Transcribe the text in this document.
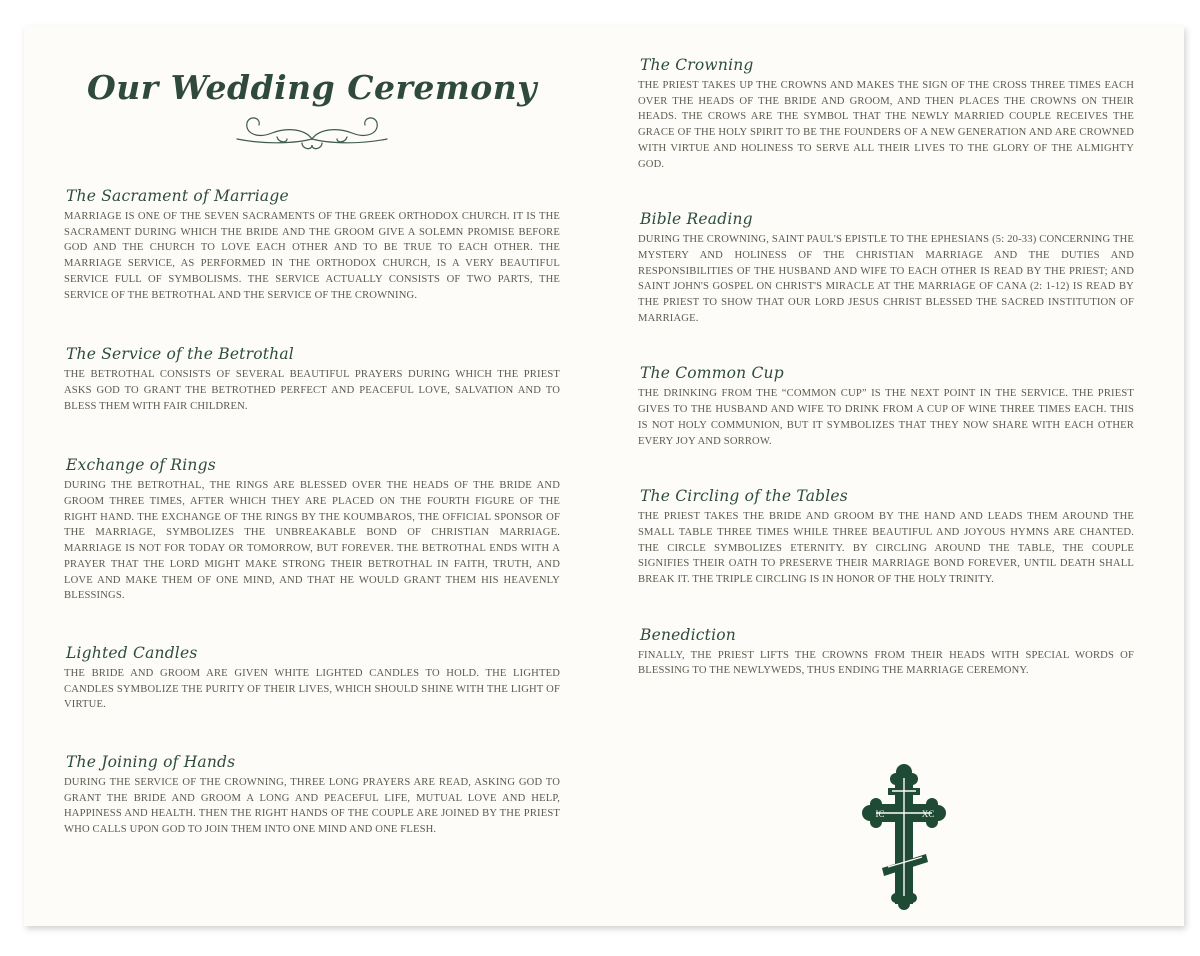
Our Wedding Ceremony
The Sacrament of Marriage

MARRIAGE IS ONE OF THE SEVEN SACRAMENTS OF THE GREEK ORTHODOX CHURCH. IT IS THE SACRAMENT DURING WHICH THE BRIDE AND THE GROOM GIVE A SOLEMN PROMISE BEFORE GOD AND THE CHURCH TO LOVE EACH OTHER AND TO BE TRUE TO EACH OTHER. THE MARRIAGE SERVICE, AS PERFORMED IN THE ORTHODOX CHURCH, IS A VERY BEAUTIFUL SERVICE FULL OF SYMBOLISMS. THE SERVICE ACTUALLY CONSISTS OF TWO PARTS, THE SERVICE OF THE BETROTHAL AND THE SERVICE OF THE CROWNING.

The Service of the Betrothal

THE BETROTHAL CONSISTS OF SEVERAL BEAUTIFUL PRAYERS DURING WHICH THE PRIEST ASKS GOD TO GRANT THE BETROTHED PERFECT AND PEACEFUL LOVE, SALVATION AND TO BLESS THEM WITH FAIR CHILDREN.

Exchange of Rings

DURING THE BETROTHAL, THE RINGS ARE BLESSED OVER THE HEADS OF THE BRIDE AND GROOM THREE TIMES, AFTER WHICH THEY ARE PLACED ON THE FOURTH FIGURE OF THE RIGHT HAND. THE EXCHANGE OF THE RINGS BY THE KOUMBAROS, THE OFFICIAL SPONSOR OF THE MARRIAGE, SYMBOLIZES THE UNBREAKABLE BOND OF CHRISTIAN MARRIAGE. MARRIAGE IS NOT FOR TODAY OR TOMORROW, BUT FOREVER. THE BETROTHAL ENDS WITH A PRAYER THAT THE LORD MIGHT MAKE STRONG THEIR BETROTHAL IN FAITH, TRUTH, AND LOVE AND MAKE THEM OF ONE MIND, AND THAT HE WOULD GRANT THEM HIS HEAVENLY BLESSINGS.

Lighted Candles

THE BRIDE AND GROOM ARE GIVEN WHITE LIGHTED CANDLES TO HOLD. THE LIGHTED CANDLES SYMBOLIZE THE PURITY OF THEIR LIVES, WHICH SHOULD SHINE WITH THE LIGHT OF VIRTUE.

The Joining of Hands

DURING THE SERVICE OF THE CROWNING, THREE LONG PRAYERS ARE READ, ASKING GOD TO GRANT THE BRIDE AND GROOM A LONG AND PEACEFUL LIFE, MUTUAL LOVE AND HELP, HAPPINESS AND HEALTH. THEN THE RIGHT HANDS OF THE COUPLE ARE JOINED BY THE PRIEST WHO CALLS UPON GOD TO JOIN THEM INTO ONE MIND AND ONE FLESH.

The Crowning

THE PRIEST TAKES UP THE CROWNS AND MAKES THE SIGN OF THE CROSS THREE TIMES EACH OVER THE HEADS OF THE BRIDE AND GROOM, AND THEN PLACES THE CROWNS ON THEIR HEADS. THE CROWS ARE THE SYMBOL THAT THE NEWLY MARRIED COUPLE RECEIVES THE GRACE OF THE HOLY SPIRIT TO BE THE FOUNDERS OF A NEW GENERATION AND ARE CROWNED WITH VIRTUE AND HOLINESS TO SERVE ALL THEIR LIVES TO THE GLORY OF THE ALMIGHTY GOD.

Bible Reading

DURING THE CROWNING, SAINT PAUL'S EPISTLE TO THE EPHESIANS (5: 20-33) CONCERNING THE MYSTERY AND HOLINESS OF THE CHRISTIAN MARRIAGE AND THE DUTIES AND RESPONSIBILITIES OF THE HUSBAND AND WIFE TO EACH OTHER IS READ BY THE PRIEST; AND SAINT JOHN'S GOSPEL ON CHRIST'S MIRACLE AT THE MARRIAGE OF CANA (2: 1-12) IS READ BY THE PRIEST TO SHOW THAT OUR LORD JESUS CHRIST BLESSED THE SACRED INSTITUTION OF MARRIAGE.

The Common Cup

THE DRINKING FROM THE “COMMON CUP” IS THE NEXT POINT IN THE SERVICE. THE PRIEST GIVES TO THE HUSBAND AND WIFE TO DRINK FROM A CUP OF WINE THREE TIMES EACH. THIS IS NOT HOLY COMMUNION, BUT IT SYMBOLIZES THAT THEY NOW SHARE WITH EACH OTHER EVERY JOY AND SORROW.

The Circling of the Tables

THE PRIEST TAKES THE BRIDE AND GROOM BY THE HAND AND LEADS THEM AROUND THE SMALL TABLE THREE TIMES WHILE THREE BEAUTIFUL AND JOYOUS HYMNS ARE CHANTED. THE CIRCLE SYMBOLIZES ETERNITY. BY CIRCLING AROUND THE TABLE, THE COUPLE SIGNIFIES THEIR OATH TO PRESERVE THEIR MARRIAGE BOND FOREVER, UNTIL DEATH SHALL BREAK IT. THE TRIPLE CIRCLING IS IN HONOR OF THE HOLY TRINITY.

Benediction

FINALLY, THE PRIEST LIFTS THE CROWNS FROM THEIR HEADS WITH SPECIAL WORDS OF BLESSING TO THE NEWLYWEDS, THUS ENDING THE MARRIAGE CEREMONY.

IC	XC
